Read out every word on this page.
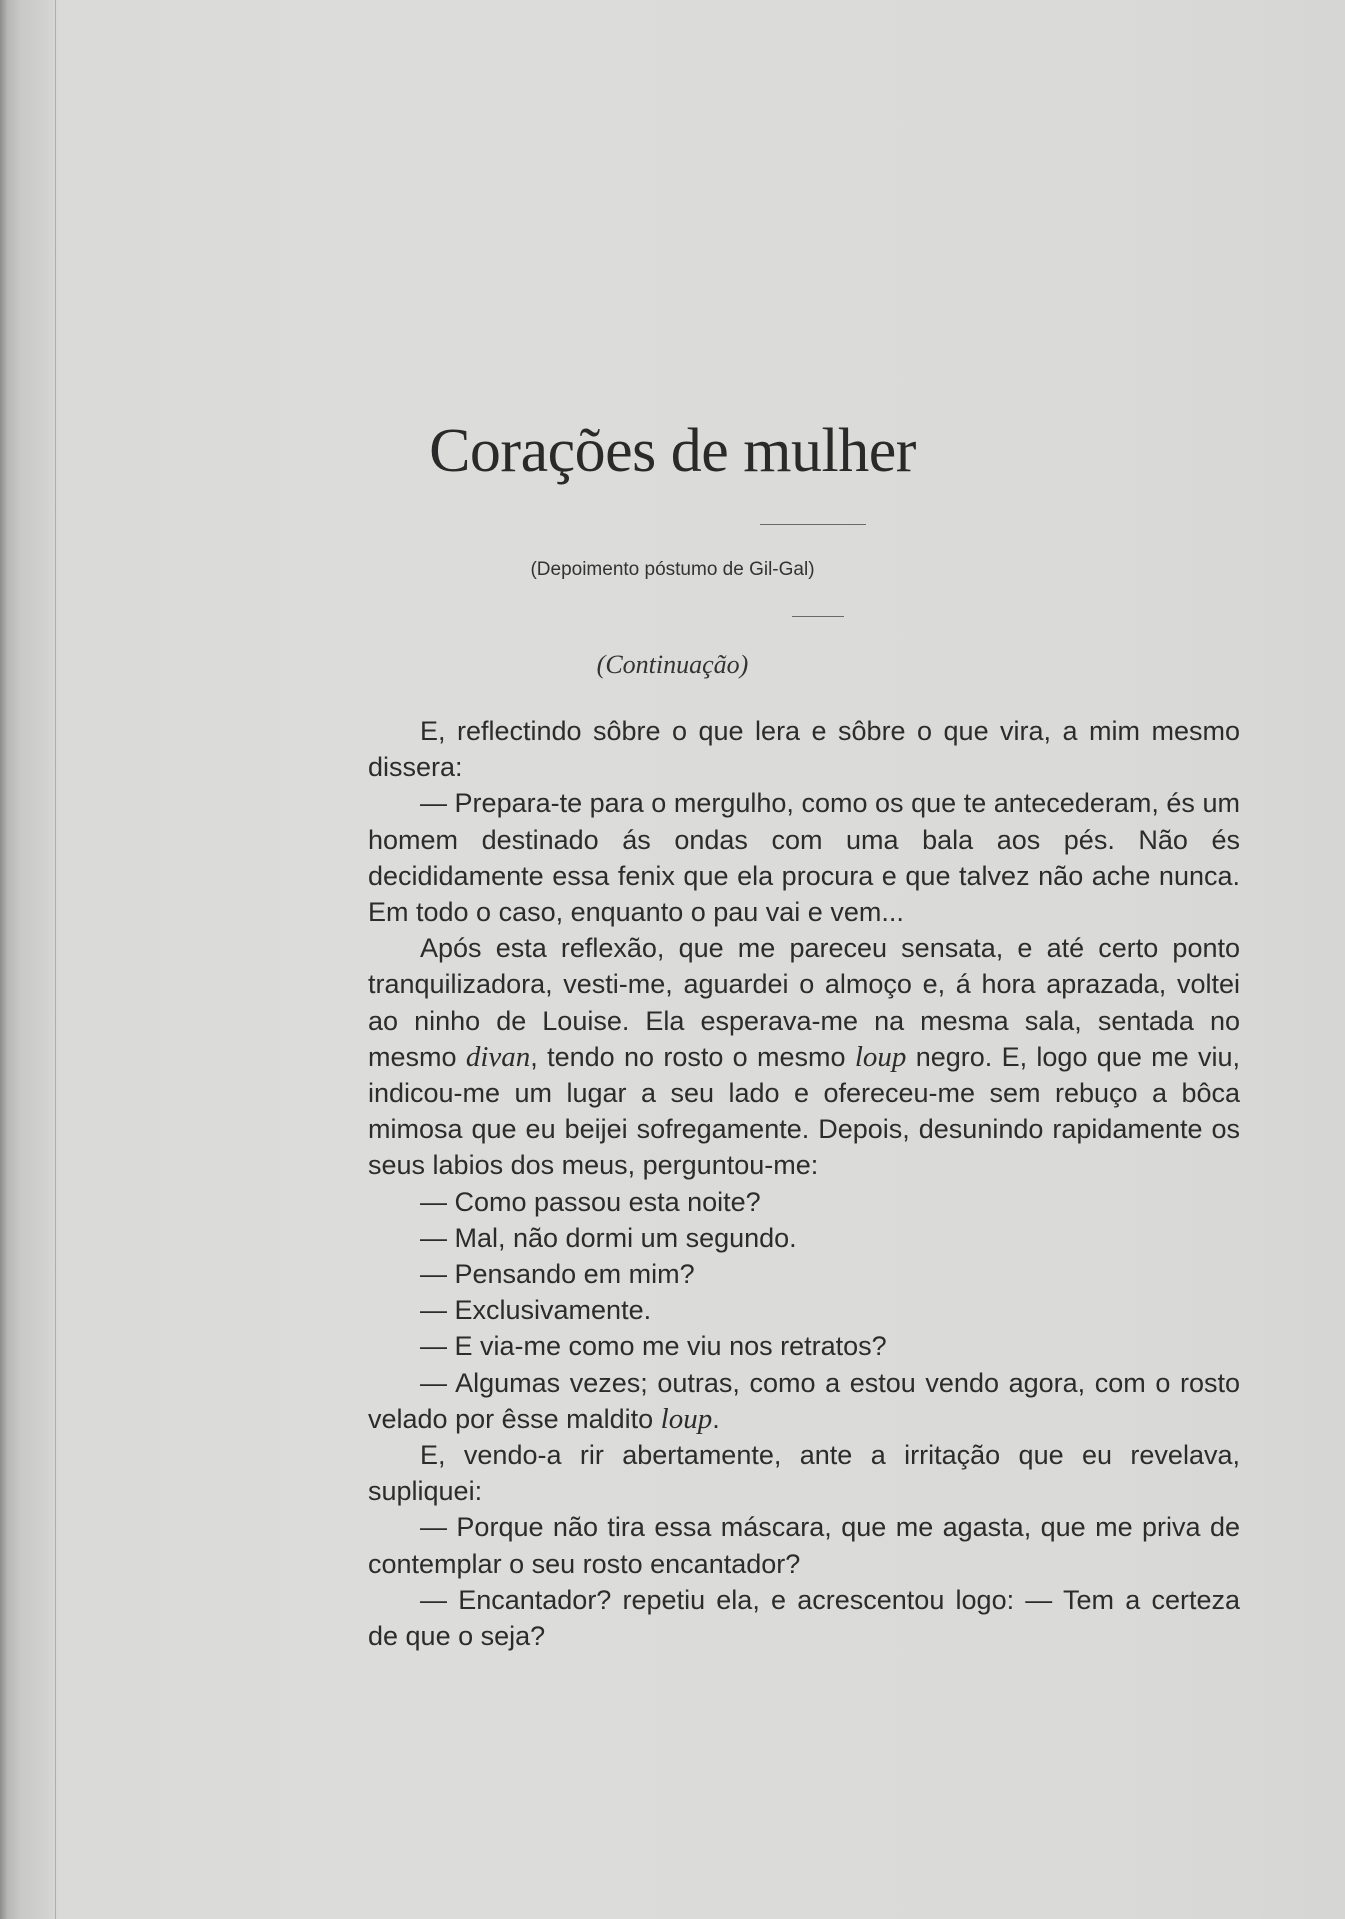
Corações de mulher
(Depoimento póstumo de Gil-Gal)
(Continuação)

E, reflectindo sôbre o que lera e sôbre o que vira, a mim mesmo dissera:

— Prepara-te para o mergulho, como os que te antecederam, és um homem destinado ás ondas com uma bala aos pés. Não és decididamente essa fenix que ela procura e que talvez não ache nunca. Em todo o caso, enquanto o pau vai e vem...

Após esta reflexão, que me pareceu sensata, e até certo ponto tranquilizadora, vesti-me, aguardei o almoço e, á hora aprazada, voltei ao ninho de Louise. Ela esperava-me na mesma sala, sentada no mesmo divan, tendo no rosto o mesmo loup negro. E, logo que me viu, indicou-me um lugar a seu lado e ofereceu-me sem rebuço a bôca mimosa que eu beijei sofregamente. Depois, desunindo rapidamente os seus labios dos meus, perguntou-me:

— Como passou esta noite?

— Mal, não dormi um segundo.

— Pensando em mim?

— Exclusivamente.

— E via-me como me viu nos retratos?

— Algumas vezes; outras, como a estou vendo agora, com o rosto velado por êsse maldito loup.

E, vendo-a rir abertamente, ante a irritação que eu revelava, supliquei:

— Porque não tira essa máscara, que me agasta, que me priva de contemplar o seu rosto encantador?

— Encantador? repetiu ela, e acrescentou logo: — Tem a certeza de que o seja?
